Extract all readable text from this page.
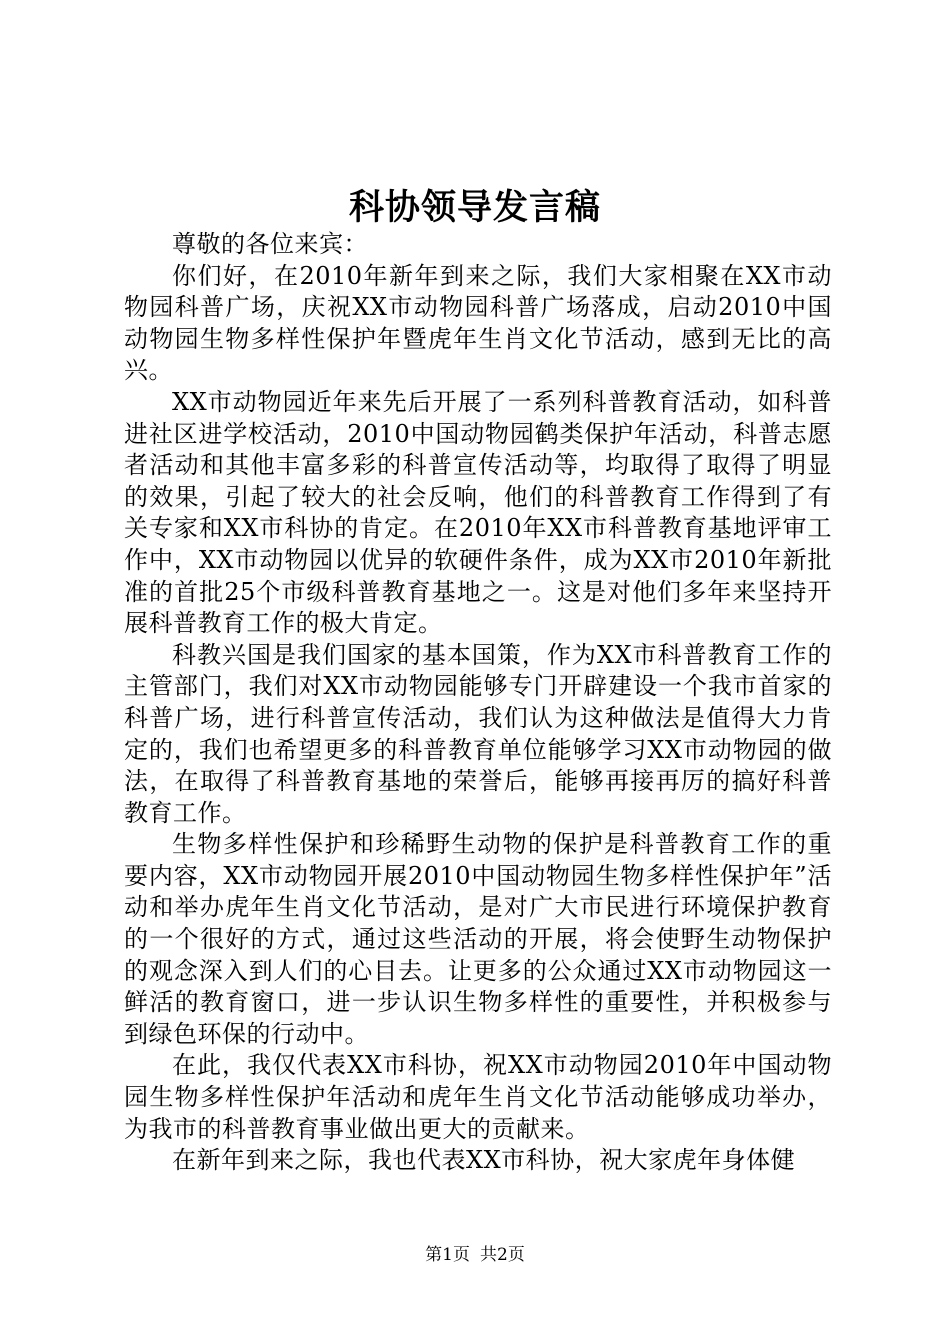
科协领导发言稿

尊敬的各位来宾：

你们好，在2010年新年到来之际，我们大家相聚在XX市动物园科普广场，庆祝XX市动物园科普广场落成，启动2010中国动物园生物多样性保护年暨虎年生肖文化节活动，感到无比的高兴。

XX市动物园近年来先后开展了一系列科普教育活动，如科普进社区进学校活动，2010中国动物园鹤类保护年活动，科普志愿者活动和其他丰富多彩的科普宣传活动等，均取得了取得了明显的效果，引起了较大的社会反响，他们的科普教育工作得到了有关专家和XX市科协的肯定。在2010年XX市科普教育基地评审工作中，XX市动物园以优异的软硬件条件，成为XX市2010年新批准的首批25个市级科普教育基地之一。这是对他们多年来坚持开展科普教育工作的极大肯定。

科教兴国是我们国家的基本国策，作为XX市科普教育工作的主管部门，我们对XX市动物园能够专门开辟建设一个我市首家的科普广场，进行科普宣传活动，我们认为这种做法是值得大力肯定的，我们也希望更多的科普教育单位能够学习XX市动物园的做法，在取得了科普教育基地的荣誉后，能够再接再厉的搞好科普教育工作。

生物多样性保护和珍稀野生动物的保护是科普教育工作的重要内容，XX市动物园开展2010中国动物园生物多样性保护年”活动和举办虎年生肖文化节活动，是对广大市民进行环境保护教育的一个很好的方式，通过这些活动的开展，将会使野生动物保护的观念深入到人们的心目去。让更多的公众通过XX市动物园这一鲜活的教育窗口，进一步认识生物多样性的重要性，并积极参与到绿色环保的行动中。

在此，我仅代表XX市科协，祝XX市动物园2010年中国动物园生物多样性保护年活动和虎年生肖文化节活动能够成功举办，为我市的科普教育事业做出更大的贡献来。

在新年到来之际，我也代表XX市科协，祝大家虎年身体健

第1页 共2页
